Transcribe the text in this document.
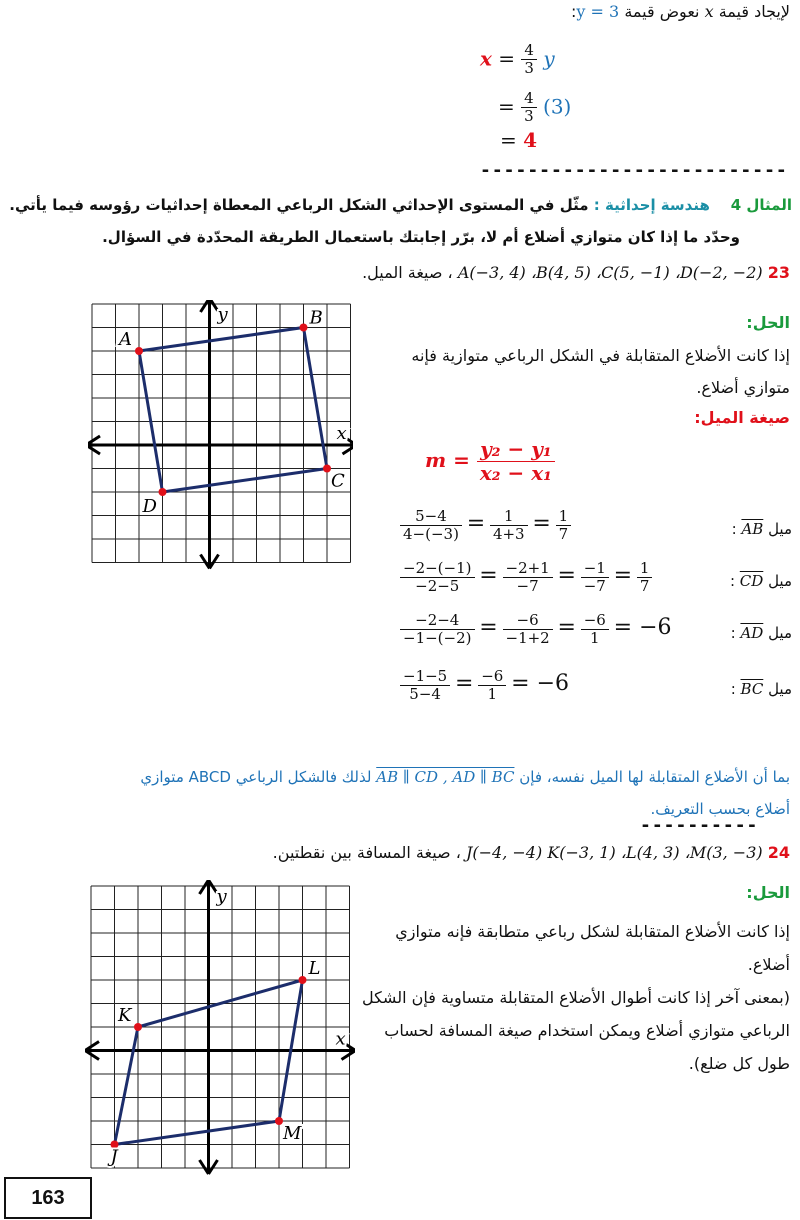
لإيجاد قيمة x نعوض قيمة y = 3:
$x = \frac{4}{3}$ y
= $\frac{4}{3} (3)$
= 4
--------------------------
المثال 4    هندسة إحداثية : مثّل في المستوى الإحداثي الشكل الرباعي المعطاة إحداثيات رؤوسه فيما يأتي.
وحدّد ما إذا كان متوازي أضلاع أم لا، برّر إجابتك باستعمال الطريقة المحدّدة في السؤال.
23 A(−3, 4) ،B(4, 5) ،C(5, −1) ،D(−2, −2) ، صيغة الميل.
y
x
A
B
C
D
الحل:
إذا كانت الأضلاع المتقابلة في الشكل الرباعي متوازية فإنه متوازي أضلاع.
صيغة الميل:
$m = \frac{\text{y₂ − y₁}}{\text{x₂ − x₁}}$
$\frac{5-4}{4-(-3)} = \frac{1}{4+3} = \frac{1}{7}$	ميل AB :
$\frac{-2-(-1)}{-2-5} = \frac{-2+1}{-7} = \frac{-1}{-7} = \frac{1}{7}$	ميل CD :
$\frac{-2-4}{-1-(-2)} = \frac{-6}{-1+2} = \frac{-6}{1} = -6$	ميل AD :
$\frac{-1-5}{5-4} = \frac{-6}{1} = -6$	ميل BC :
بما أن الأضلاع المتقابلة لها الميل نفسه، فإن AB ∥ CD , AD ∥ BC لذلك فالشكل الرباعي ABCD متوازي
أضلاع بحسب التعريف.
----------
24 J(−4, −4) K(−3, 1) ،L(4, 3) ،M(3, −3) ، صيغة المسافة بين نقطتين.
y
x
J
K
L
M
الحل:
إذا كانت الأضلاع المتقابلة لشكل رباعي متطابقة فإنه متوازي
أضلاع.
(بمعنى آخر إذا كانت أطوال الأضلاع المتقابلة متساوية فإن الشكل
الرباعي متوازي أضلاع ويمكن استخدام صيغة المسافة لحساب
طول كل ضلع).
163
